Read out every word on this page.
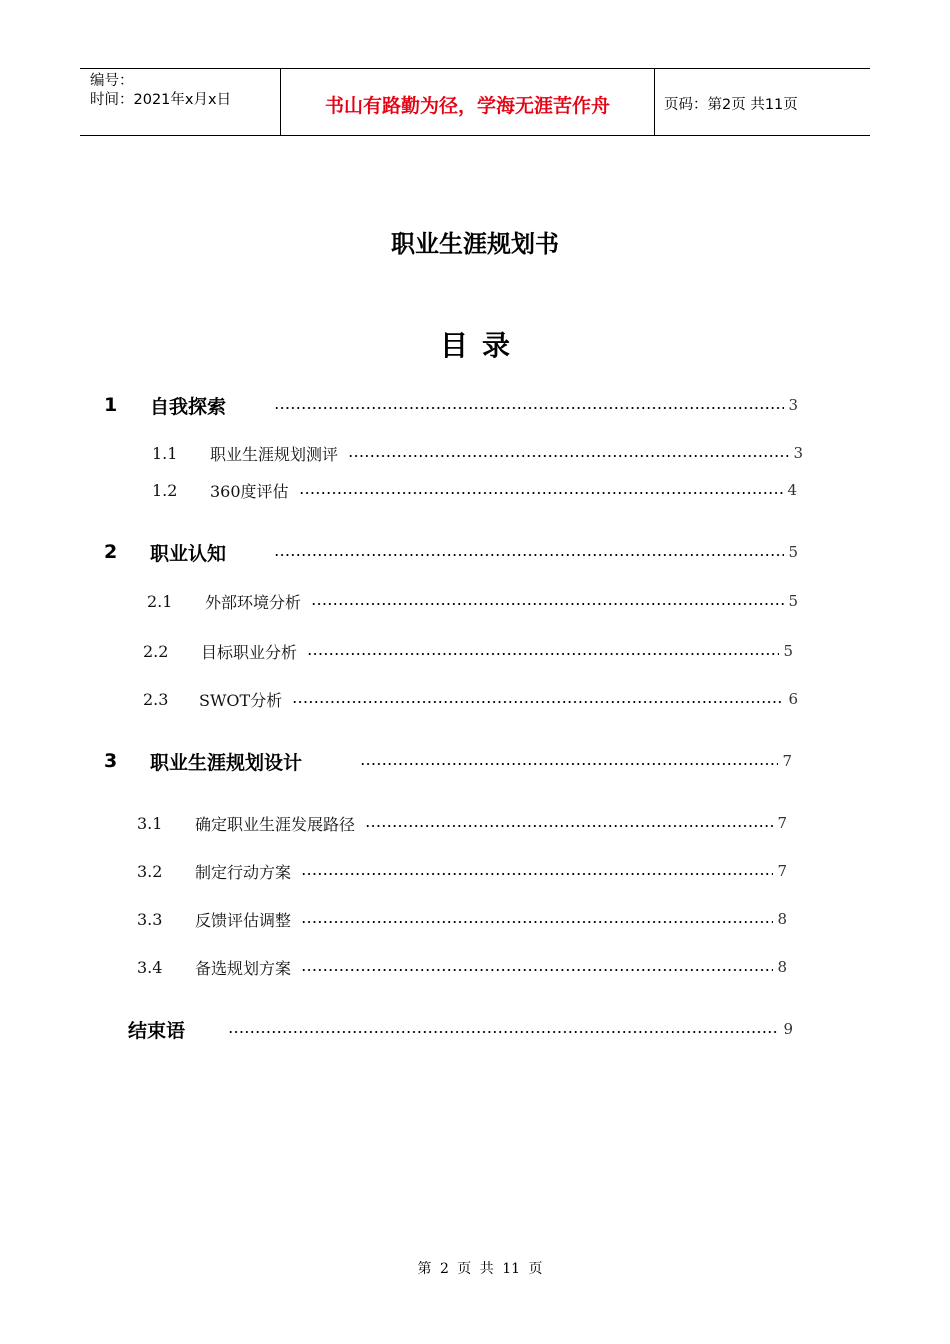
编号：
时间：2021年x月x日	书山有路勤为径，学海无涯苦作舟	页码：第2页 共11页
职业生涯规划书
目录
1	自我探索	3
1.1	职业生涯规划测评	3
1.2	360度评估	4
2	职业认知	5
2.1	外部环境分析	5
2.2	目标职业分析	5
2.3	SWOT分析	6
3	职业生涯规划设计	7
3.1	确定职业生涯发展路径	7
3.2	制定行动方案	7
3.3	反馈评估调整	8
3.4	备选规划方案	8
结束语	9
第 2 页 共 11 页
